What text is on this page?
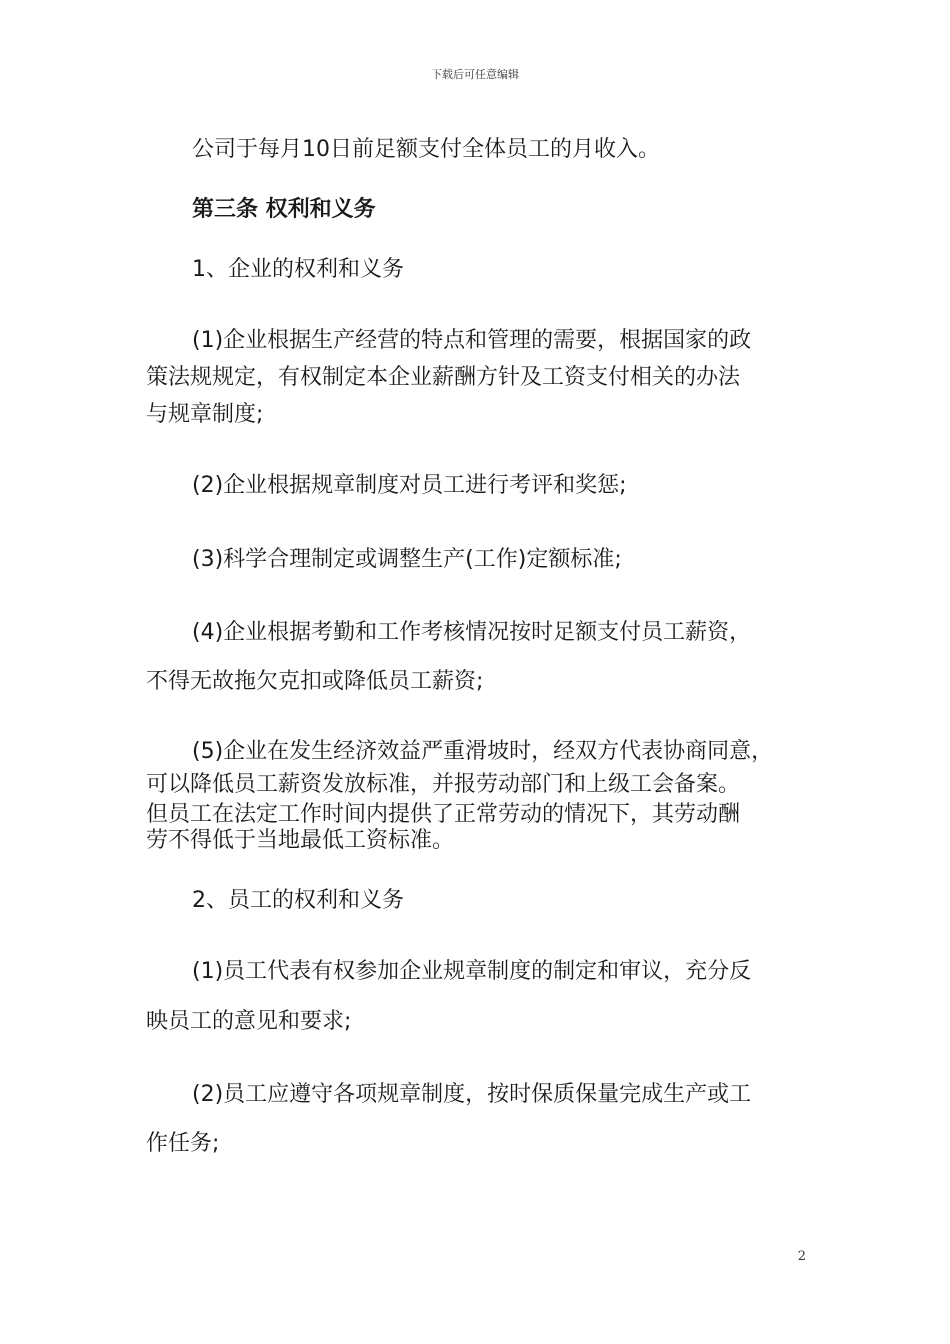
下载后可任意编辑

公司于每月10日前足额支付全体员工的月收入。

第三条 权利和义务

1、企业的权利和义务

(1)企业根据生产经营的特点和管理的需要，根据国家的政

策法规规定，有权制定本企业薪酬方针及工资支付相关的办法

与规章制度;

(2)企业根据规章制度对员工进行考评和奖惩;

(3)科学合理制定或调整生产(工作)定额标准;

(4)企业根据考勤和工作考核情况按时足额支付员工薪资，

不得无故拖欠克扣或降低员工薪资;

(5)企业在发生经济效益严重滑坡时，经双方代表协商同意，

可以降低员工薪资发放标准，并报劳动部门和上级工会备案。

但员工在法定工作时间内提供了正常劳动的情况下，其劳动酬

劳不得低于当地最低工资标准。

2、员工的权利和义务

(1)员工代表有权参加企业规章制度的制定和审议，充分反

映员工的意见和要求;

(2)员工应遵守各项规章制度，按时保质保量完成生产或工

作任务;

2
